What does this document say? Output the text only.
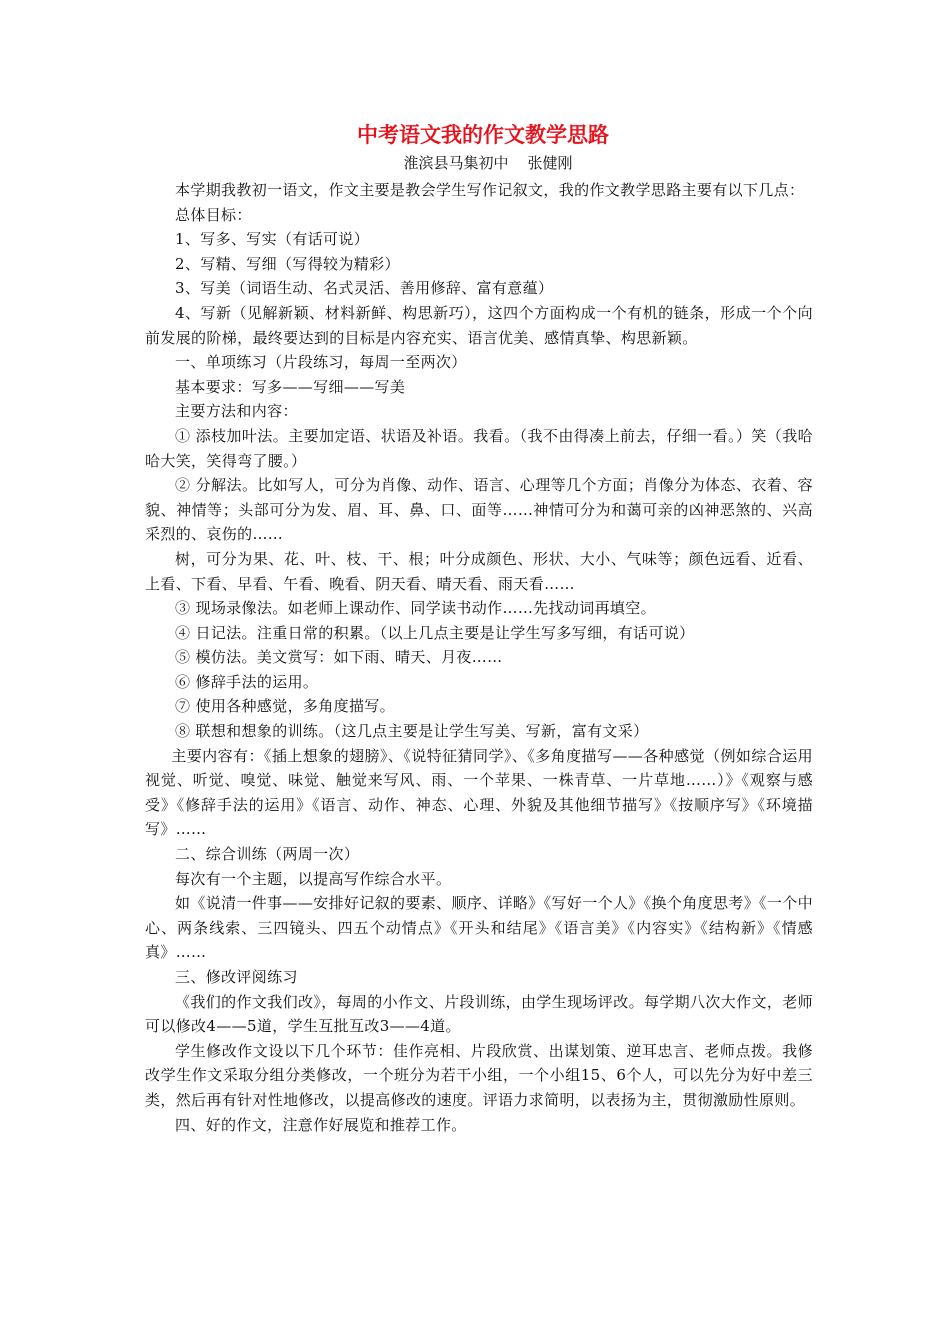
中考语文我的作文教学思路
淮滨县马集初中    张健刚

本学期我教初一语文，作文主要是教会学生写作记叙文，我的作文教学思路主要有以下几点：

总体目标：

1、写多、写实（有话可说）

2、写精、写细（写得较为精彩）

3、写美（词语生动、名式灵活、善用修辞、富有意蕴）

4、写新（见解新颖、材料新鲜、构思新巧），这四个方面构成一个有机的链条，形成一个个向前发展的阶梯，最终要达到的目标是内容充实、语言优美、感情真挚、构思新颖。

一、单项练习（片段练习，每周一至两次）

基本要求：写多——写细——写美

主要方法和内容：

① 添枝加叶法。主要加定语、状语及补语。我看。（我不由得凑上前去，仔细一看。）笑（我哈哈大笑，笑得弯了腰。）

② 分解法。比如写人，可分为肖像、动作、语言、心理等几个方面；肖像分为体态、衣着、容貌、神情等；头部可分为发、眉、耳、鼻、口、面等……神情可分为和蔼可亲的凶神恶煞的、兴高采烈的、哀伤的……

树，可分为果、花、叶、枝、干、根；叶分成颜色、形状、大小、气味等；颜色远看、近看、上看、下看、早看、午看、晚看、阴天看、晴天看、雨天看……

③ 现场录像法。如老师上课动作、同学读书动作……先找动词再填空。

④ 日记法。注重日常的积累。（以上几点主要是让学生写多写细，有话可说）

⑤ 模仿法。美文赏写：如下雨、晴天、月夜……

⑥ 修辞手法的运用。

⑦ 使用各种感觉，多角度描写。

⑧ 联想和想象的训练。（这几点主要是让学生写美、写新，富有文采）

主要内容有：《插上想象的翅膀》、《说特征猜同学》、《多角度描写——各种感觉（例如综合运用视觉、听觉、嗅觉、味觉、触觉来写风、雨、一个苹果、一株青草、一片草地……）》《观察与感受》《修辞手法的运用》《语言、动作、神态、心理、外貌及其他细节描写》《按顺序写》《环境描写》……

二、综合训练（两周一次）

每次有一个主题，以提高写作综合水平。

如《说清一件事——安排好记叙的要素、顺序、详略》《写好一个人》《换个角度思考》《一个中心、两条线索、三四镜头、四五个动情点》《开头和结尾》《语言美》《内容实》《结构新》《情感真》……

三、修改评阅练习

《我们的作文我们改》，每周的小作文、片段训练，由学生现场评改。每学期八次大作文，老师可以修改4——5道，学生互批互改3——4道。

学生修改作文设以下几个环节：佳作亮相、片段欣赏、出谋划策、逆耳忠言、老师点拨。我修改学生作文采取分组分类修改，一个班分为若干小组，一个小组15、6个人，可以先分为好中差三类，然后再有针对性地修改，以提高修改的速度。评语力求简明，以表扬为主，贯彻激励性原则。

四、好的作文，注意作好展览和推荐工作。
